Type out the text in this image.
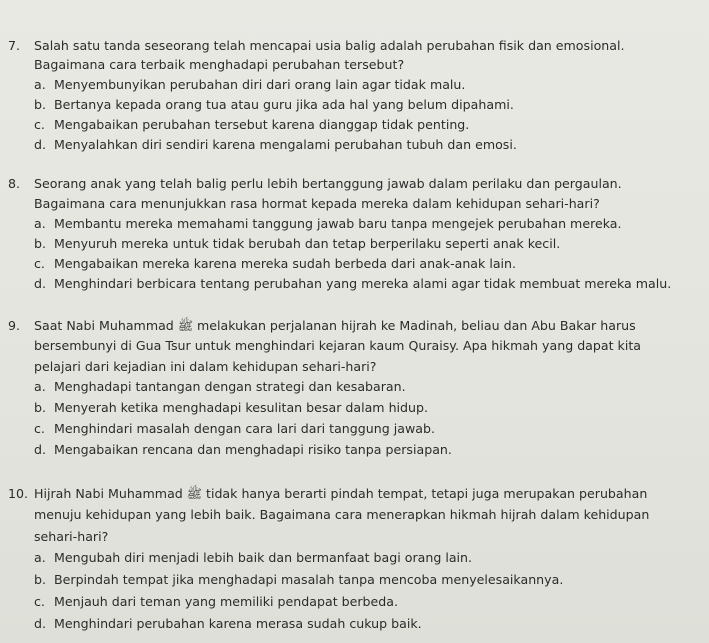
7. Salah satu tanda seseorang telah mencapai usia balig adalah perubahan fisik dan emosional.
Bagaimana cara terbaik menghadapi perubahan tersebut?
a. Menyembunyikan perubahan diri dari orang lain agar tidak malu.
b. Bertanya kepada orang tua atau guru jika ada hal yang belum dipahami.
c. Mengabaikan perubahan tersebut karena dianggap tidak penting.
d. Menyalahkan diri sendiri karena mengalami perubahan tubuh dan emosi.
8. Seorang anak yang telah balig perlu lebih bertanggung jawab dalam perilaku dan pergaulan.
Bagaimana cara menunjukkan rasa hormat kepada mereka dalam kehidupan sehari-hari?
a. Membantu mereka memahami tanggung jawab baru tanpa mengejek perubahan mereka.
b. Menyuruh mereka untuk tidak berubah dan tetap berperilaku seperti anak kecil.
c. Mengabaikan mereka karena mereka sudah berbeda dari anak-anak lain.
d. Menghindari berbicara tentang perubahan yang mereka alami agar tidak membuat mereka malu.
9. Saat Nabi Muhammad ﷺ melakukan perjalanan hijrah ke Madinah, beliau dan Abu Bakar harus
bersembunyi di Gua Tsur untuk menghindari kejaran kaum Quraisy. Apa hikmah yang dapat kita
pelajari dari kejadian ini dalam kehidupan sehari-hari?
a. Menghadapi tantangan dengan strategi dan kesabaran.
b. Menyerah ketika menghadapi kesulitan besar dalam hidup.
c. Menghindari masalah dengan cara lari dari tanggung jawab.
d. Mengabaikan rencana dan menghadapi risiko tanpa persiapan.
10. Hijrah Nabi Muhammad ﷺ tidak hanya berarti pindah tempat, tetapi juga merupakan perubahan
menuju kehidupan yang lebih baik. Bagaimana cara menerapkan hikmah hijrah dalam kehidupan
sehari-hari?
a. Mengubah diri menjadi lebih baik dan bermanfaat bagi orang lain.
b. Berpindah tempat jika menghadapi masalah tanpa mencoba menyelesaikannya.
c. Menjauh dari teman yang memiliki pendapat berbeda.
d. Menghindari perubahan karena merasa sudah cukup baik.
